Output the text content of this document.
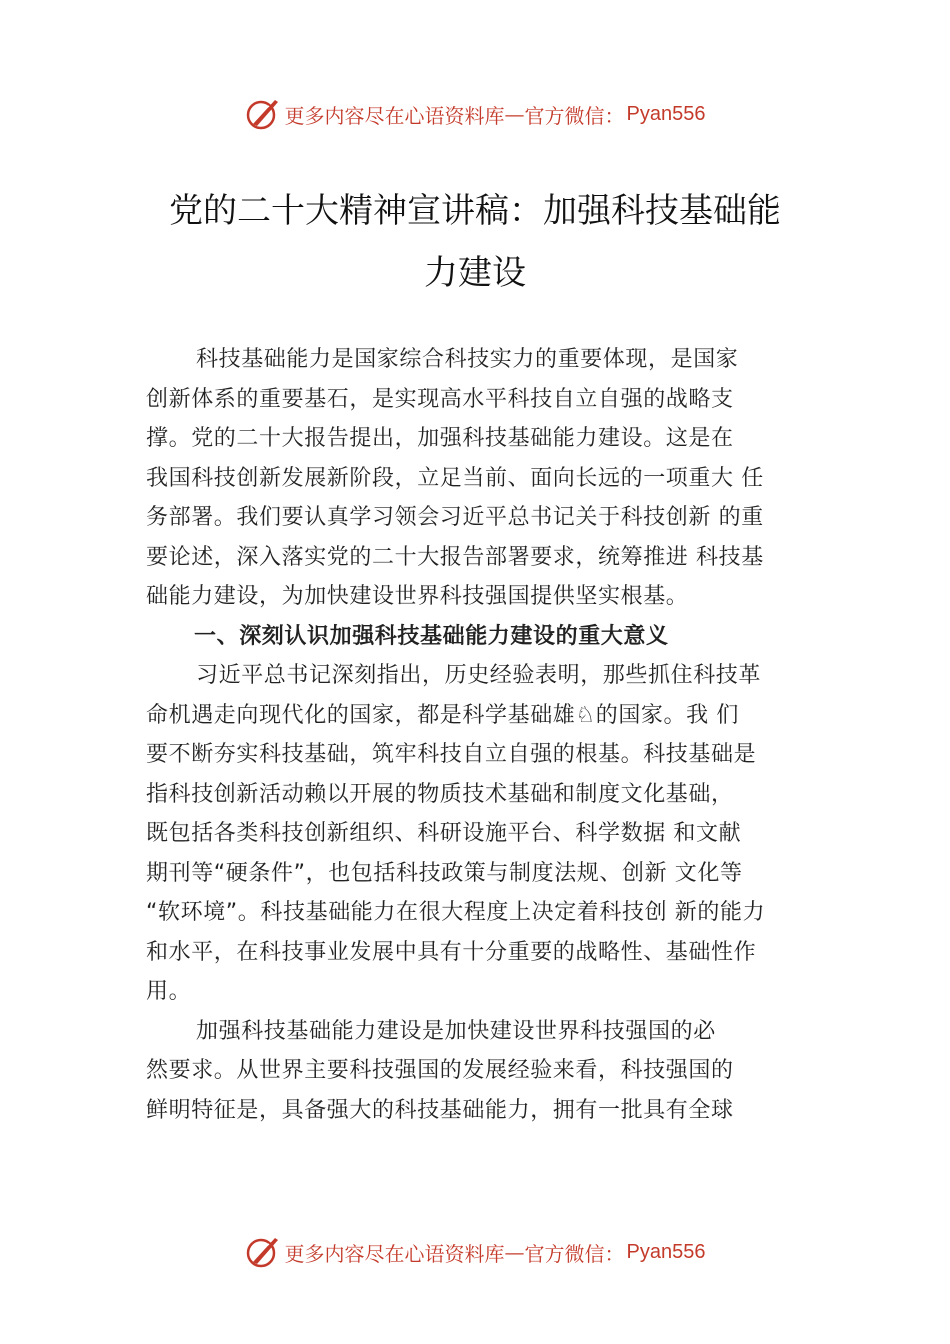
更多内容尽在心语资料库 — 官方微信： Pyan556
党的二十大精神宣讲稿：加强科技基础能
力建设
科技基础能力是国家综合科技实力的重要体现，是国家
创新体系的重要基石，是实现高水平科技自立自强的战略支
撑。党的二十大报告提出，加强科技基础能力建设。这是在
我国科技创新发展新阶段，立足当前、面向长远的一项重大 任
务部署。我们要认真学习领会习近平总书记关于科技创新 的重
要论述，深入落实党的二十大报告部署要求，统筹推进 科技基
础能力建设，为加快建设世界科技强国提供坚实根基。
一、深刻认识加强科技基础能力建设的重大意义
习近平总书记深刻指出，历史经验表明，那些抓住科技革
命机遇走向现代化的国家，都是科学基础雄♘的国家。我 们
要不断夯实科技基础，筑牢科技自立自强的根基。科技基础是
指科技创新活动赖以开展的物质技术基础和制度文化基础，
既包括各类科技创新组织、科研设施平台、科学数据 和文献
期刊等“硬条件”，也包括科技政策与制度法规、创新 文化等
“软环境”。科技基础能力在很大程度上决定着科技创 新的能力
和水平，在科技事业发展中具有十分重要的战略性、基础性作
用。
加强科技基础能力建设是加快建设世界科技强国的必
然要求。从世界主要科技强国的发展经验来看，科技强国的
鲜明特征是，具备强大的科技基础能力，拥有一批具有全球
更多内容尽在心语资料库 — 官方微信： Pyan556
